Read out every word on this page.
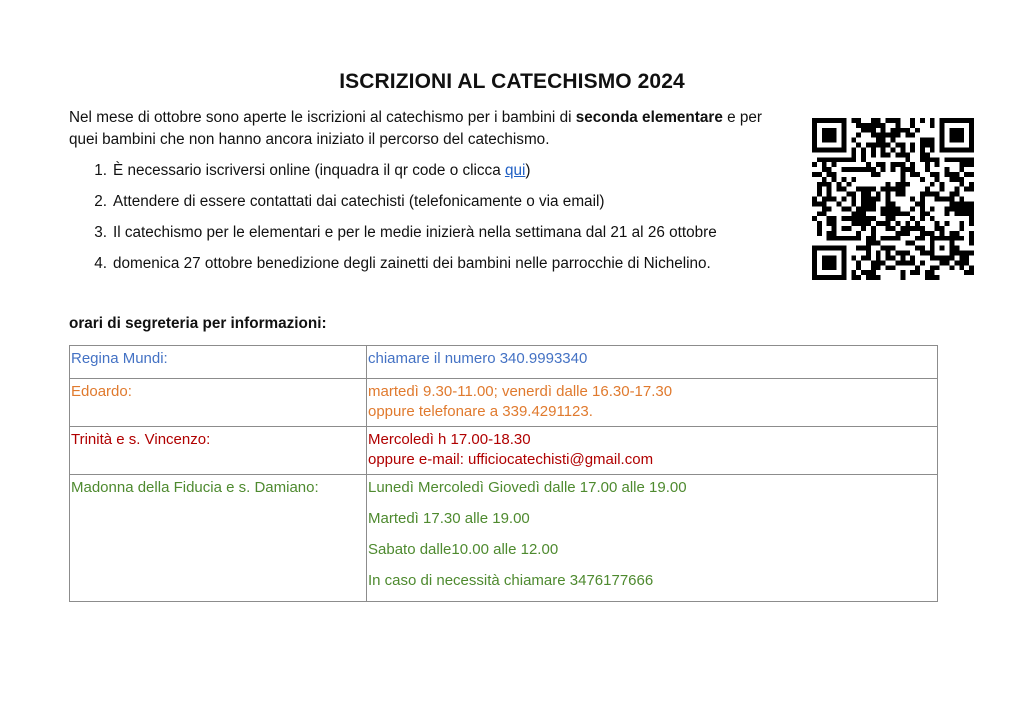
ISCRIZIONI AL CATECHISMO 2024
Nel mese di ottobre sono aperte le iscrizioni al catechismo per i bambini di seconda elementare e per quei bambini che non hanno ancora iniziato il percorso del catechismo.
1. È necessario iscriversi online (inquadra il qr code o clicca qui)
2. Attendere di essere contattati dai catechisti (telefonicamente o via email)
3. Il catechismo per le elementari e per le medie inizierà nella settimana dal 21 al 26 ottobre
4. domenica 27 ottobre benedizione degli zainetti dei bambini nelle parrocchie di Nichelino.
orari di segreteria per informazioni:
Regina Mundi:	chiamare il numero 340.9993340

Edoardo:	martedì 9.30-11.00; venerdì dalle 16.30-17.30
oppure telefonare a 339.4291123.

Trinità e s. Vincenzo:	Mercoledì h 17.00-18.30
oppure e-mail: ufficiocatechisti@gmail.com

Madonna della Fiducia e s. Damiano:	Lunedì Mercoledì Giovedì dalle 17.00 alle 19.00
Martedì 17.30 alle 19.00
Sabato dalle10.00 alle 12.00
In caso di necessità chiamare 3476177666
